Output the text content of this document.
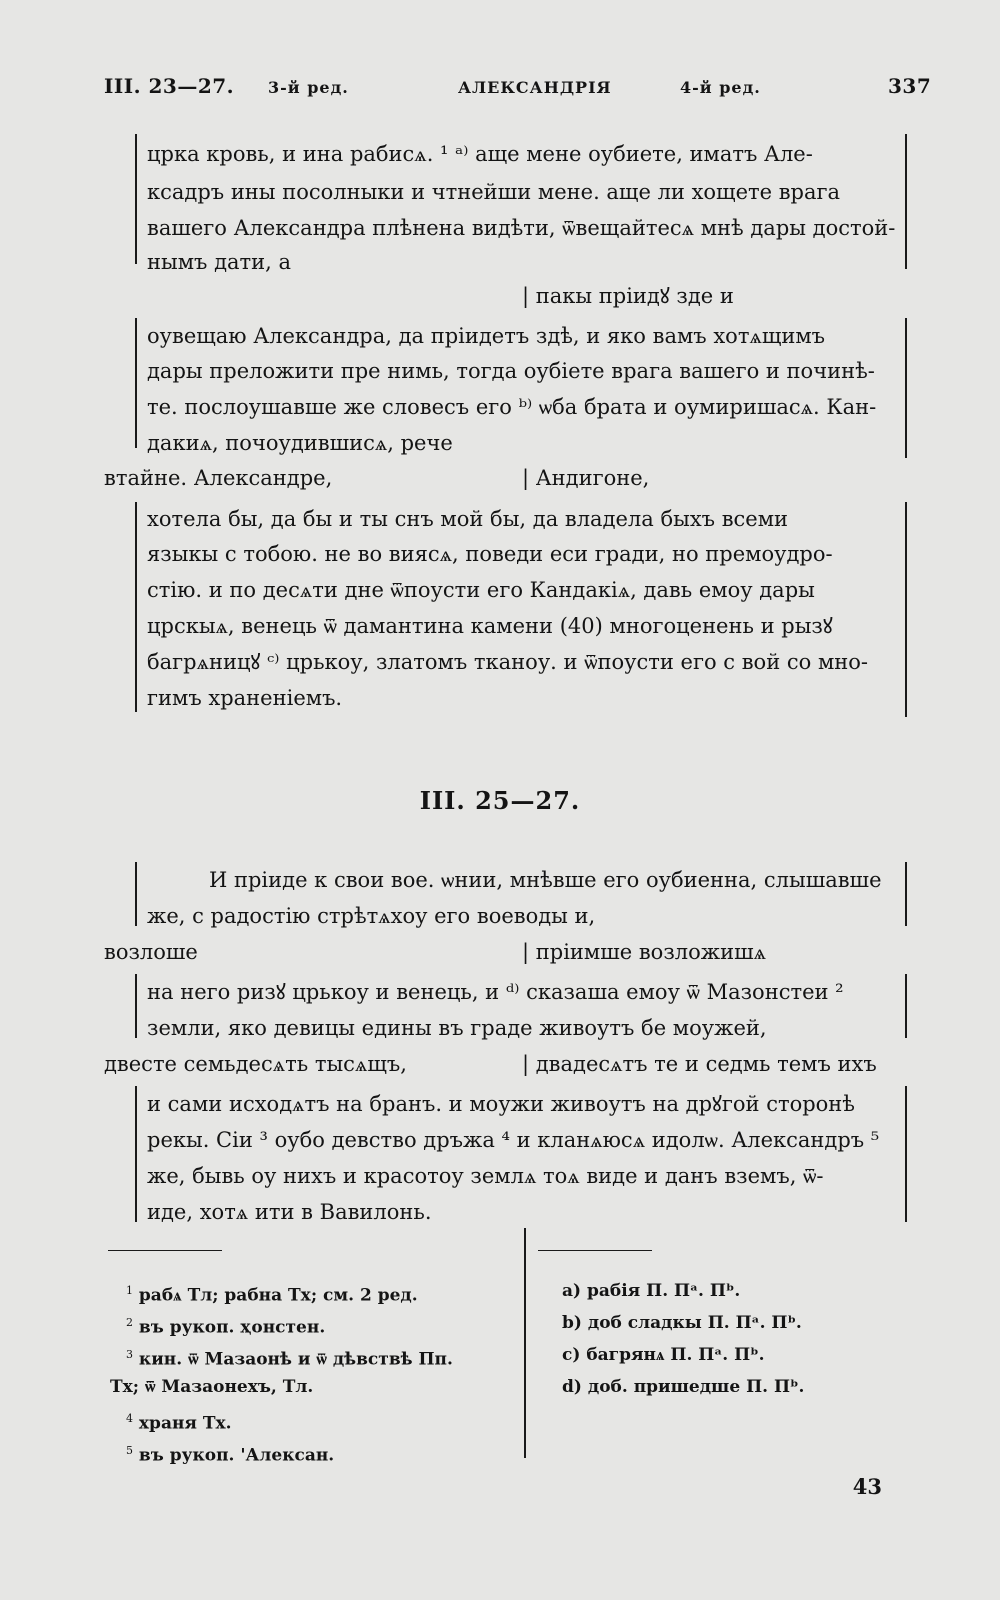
III. 23—27. 3-й ред.	АЛЕКСАНДРІЯ	4-й ред.	337
црка кровь, и ина рабисѧ. ¹ ᵃ⁾ аще мене оубиете, иматъ Але-
ксадръ ины посолныки и чтнейши мене. аще ли хощете врага
вашего Александра плѣнена видѣти, ѿвещайтесѧ мнѣ дары достой-
нымъ дати, а
| пакы пріидꙋ зде и
оувещаю Александра, да пріидетъ здѣ, и яко вамъ хотѧщимъ
дары преложити пре нимь, тогда оубіете врага вашего и починѣ-
те. послоушавше же словесъ его ᵇ⁾ ѡба брата и оумиришасѧ. Кан-
дакиѧ, почоудившисѧ, рече
втайне. Александре,	| Андигоне,
хотела бы, да бы и ты снъ мой бы, да владела быхъ всеми
языкы с тобою. не во виясѧ, поведи еси гради, но премоудро-
стію. и по десѧти дне ѿпоусти его Кандакіѧ, давь емоу дары
црскыѧ, венець ѿ дамантина камени (40) многоценень и рызꙋ
багрѧницꙋ ᶜ⁾ црькоу, златомъ тканоу. и ѿпоусти его с вой со мно-
гимъ храненіемъ.
III. 25—27.
И пріиде к свои вое. ѡнии, мнѣвше его оубиенна, слышавше
же, с радостію стрѣтѧхоу его воеводы и,
возлоше	| пріимше возложишѧ
на него ризꙋ црькоу и венець, и ᵈ⁾ сказаша емоу ѿ Мазонстеи ²
земли, яко девицы едины въ граде живоутъ бе моужей,
двесте семьдесѧть тысѧщъ,	| двадесѧтъ те и седмь темъ ихъ
и сами исходѧтъ на бранъ. и моужи живоутъ на дрꙋгой сторонѣ
рекы. Сіи ³ оубо девство дръжа ⁴ и кланѧюсѧ идолѡ. Александръ ⁵
же, бывь оу нихъ и красотоу землѧ тоѧ виде и данъ вземъ, ѿ-
иде, хотѧ ити в Вавилонь.
$^1$ рабѧ Тл; рабна Тх; см. 2 ред.
$^2$ въ рукоп. ҳонстен.
$^3$ кин. ѿ Мазаонѣ и ѿ дѣвствѣ Пп.
Тх; ѿ Мазаонехъ, Тл.
$^4$ храня Тх.
$^5$ въ рукоп. 'Алексан.
a) рабія П. Пᵃ. Пᵇ.
b) доб сладкы П. Пᵃ. Пᵇ.
c) багрянѧ П. Пᵃ. Пᵇ.
d) доб. пришедше П. Пᵇ.
43
